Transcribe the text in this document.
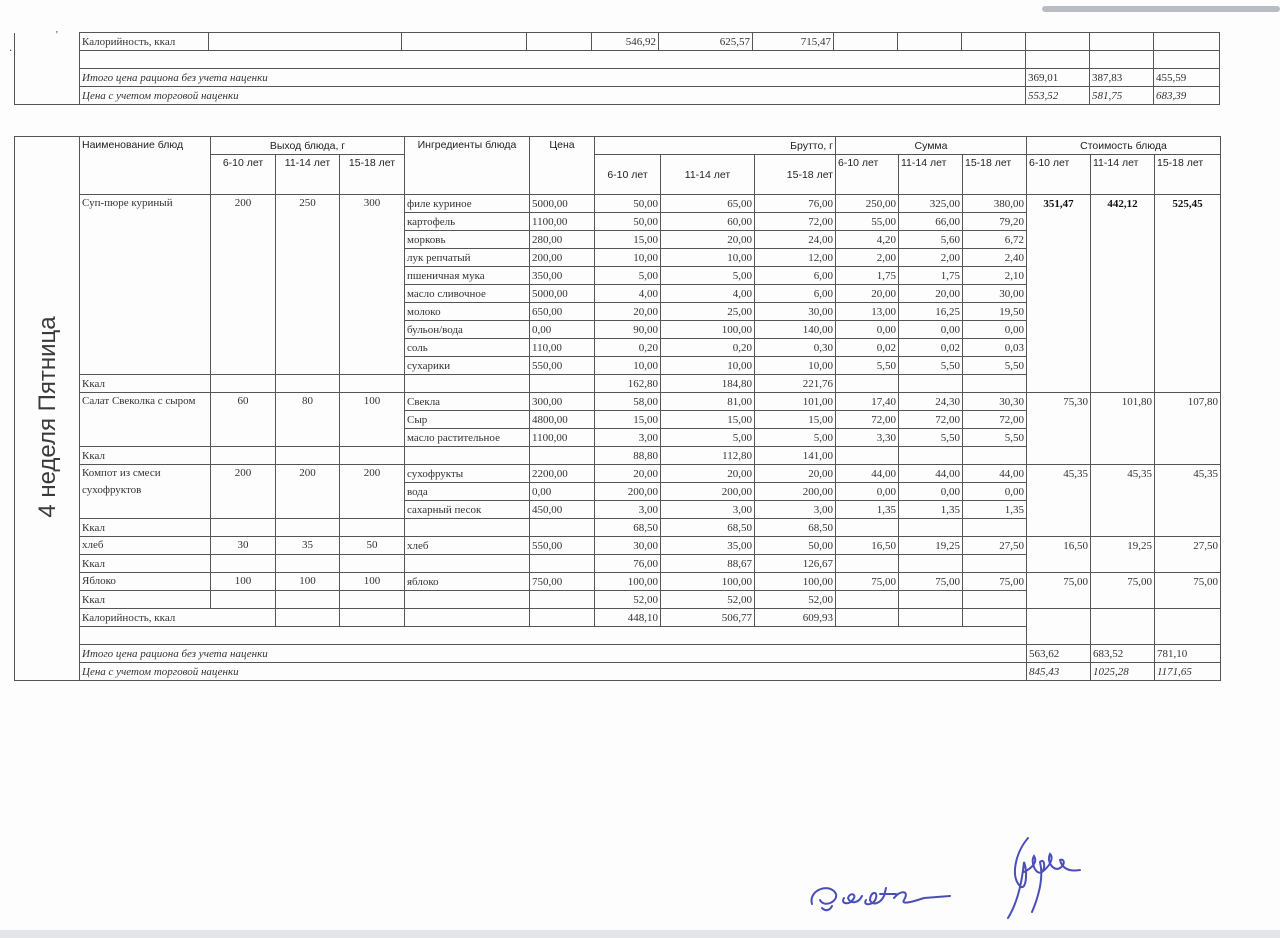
'
·
	Калорийность, ккал				546,92	625,57	715,47						

	Итого цена рациона без учета наценки										369,01	387,83	455,59
	Цена с учетом торговой наценки										553,52	581,75	683,39
	Наименование блюд	Выход блюда, г			Ингредиенты блюда	Цена	Брутто, г			Сумма			Стоимость блюда		
		6-10 лет	11-14 лет	15-18 лет			6-10 лет	11-14 лет	15-18 лет	6-10 лет	11-14 лет	15-18 лет	6-10 лет	11-14 лет	15-18 лет
	Суп-пюре куриный	200	250	300	филе куриное	5000,00	50,00	65,00	76,00	250,00	325,00	380,00	351,47	442,12	525,45
					картофель	1100,00	50,00	60,00	72,00	55,00	66,00	79,20			
					морковь	280,00	15,00	20,00	24,00	4,20	5,60	6,72			
					лук репчатый	200,00	10,00	10,00	12,00	2,00	2,00	2,40			
					пшеничная мука	350,00	5,00	5,00	6,00	1,75	1,75	2,10			
					масло сливочное	5000,00	4,00	4,00	6,00	20,00	20,00	30,00			
					молоко	650,00	20,00	25,00	30,00	13,00	16,25	19,50			
					бульон/вода	0,00	90,00	100,00	140,00	0,00	0,00	0,00			
					соль	110,00	0,20	0,20	0,30	0,02	0,02	0,03			
					сухарики	550,00	10,00	10,00	10,00	5,50	5,50	5,50			
	Ккал						162,80	184,80	221,76						
	Салат Свеколка с сыром	60	80	100	Свекла	300,00	58,00	81,00	101,00	17,40	24,30	30,30	75,30	101,80	107,80
					Сыр	4800,00	15,00	15,00	15,00	72,00	72,00	72,00			
					масло растительное	1100,00	3,00	5,00	5,00	3,30	5,50	5,50			
	Ккал						88,80	112,80	141,00						
	Компот из смеси сухофруктов	200	200	200	сухофрукты	2200,00	20,00	20,00	20,00	44,00	44,00	44,00	45,35	45,35	45,35
					вода	0,00	200,00	200,00	200,00	0,00	0,00	0,00			
					сахарный песок	450,00	3,00	3,00	3,00	1,35	1,35	1,35			
	Ккал						68,50	68,50	68,50						
	хлеб	30	35	50	хлеб	550,00	30,00	35,00	50,00	16,50	19,25	27,50	16,50	19,25	27,50
	Ккал						76,00	88,67	126,67						
	Яблоко	100	100	100	яблоко	750,00	100,00	100,00	100,00	75,00	75,00	75,00	75,00	75,00	75,00
	Ккал						52,00	52,00	52,00						
	Калорийность, ккал						448,10	506,77	609,93						

	Итого цена рациона без учета наценки												563,62	683,52	781,10
	Цена с учетом торговой наценки												845,43	1025,28	1171,65
4 неделя Пятница
